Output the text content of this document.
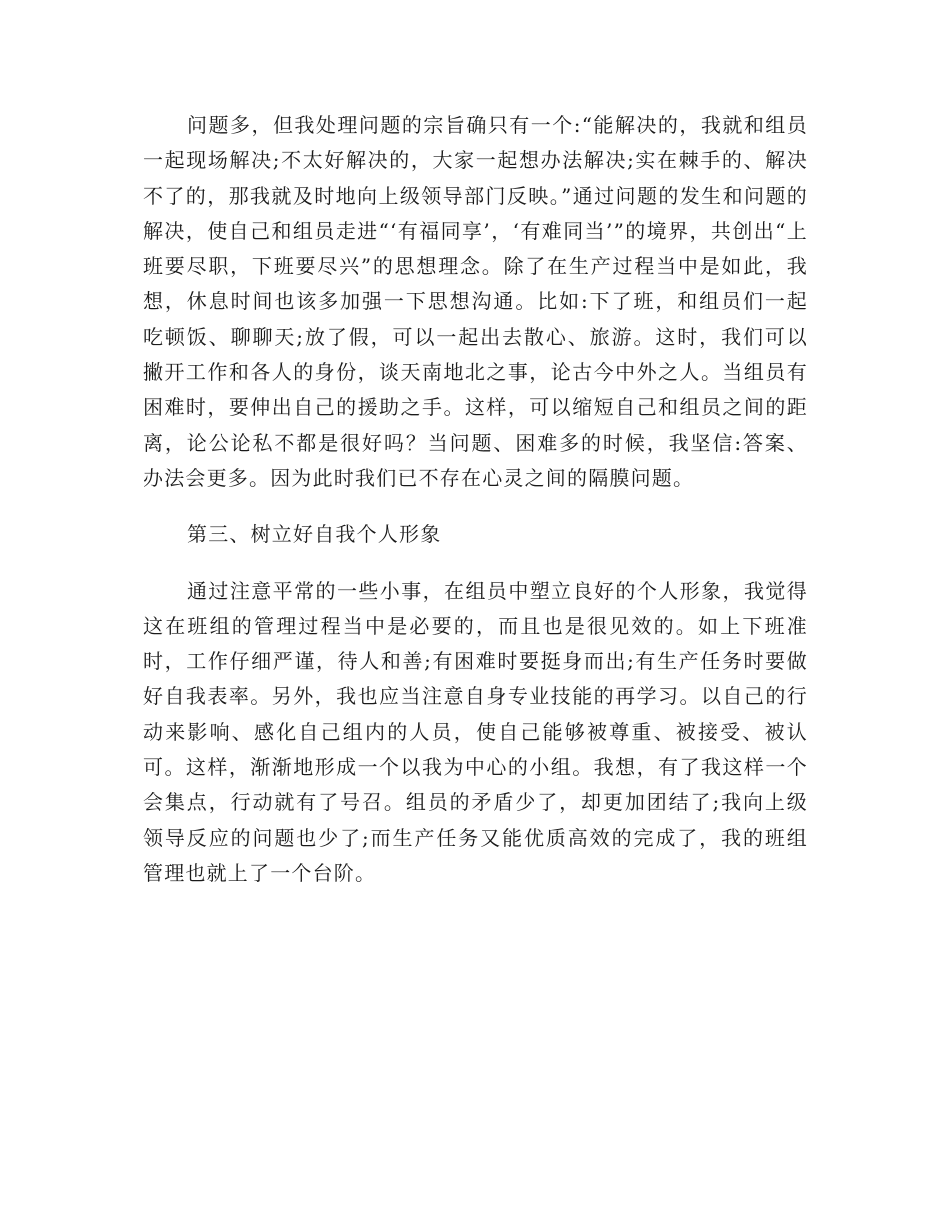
问题多，但我处理问题的宗旨确只有一个:“能解决的，我就和组员一起现场解决;不太好解决的，大家一起想办法解决;实在棘手的、解决不了的，那我就及时地向上级领导部门反映。”通过问题的发生和问题的解决，使自己和组员走进“‘有福同享’，‘有难同当’”的境界，共创出“上班要尽职，下班要尽兴”的思想理念。除了在生产过程当中是如此，我想，休息时间也该多加强一下思想沟通。比如:下了班，和组员们一起吃顿饭、聊聊天;放了假，可以一起出去散心、旅游。这时，我们可以撇开工作和各人的身份，谈天南地北之事，论古今中外之人。当组员有困难时，要伸出自己的援助之手。这样，可以缩短自己和组员之间的距离，论公论私不都是很好吗？当问题、困难多的时候，我坚信:答案、办法会更多。因为此时我们已不存在心灵之间的隔膜问题。

第三、树立好自我个人形象

通过注意平常的一些小事，在组员中塑立良好的个人形象，我觉得这在班组的管理过程当中是必要的，而且也是很见效的。如上下班准时，工作仔细严谨，待人和善;有困难时要挺身而出;有生产任务时要做好自我表率。另外，我也应当注意自身专业技能的再学习。以自己的行动来影响、感化自己组内的人员，使自己能够被尊重、被接受、被认可。这样，渐渐地形成一个以我为中心的小组。我想，有了我这样一个会集点，行动就有了号召。组员的矛盾少了，却更加团结了;我向上级领导反应的问题也少了;而生产任务又能优质高效的完成了，我的班组管理也就上了一个台阶。
